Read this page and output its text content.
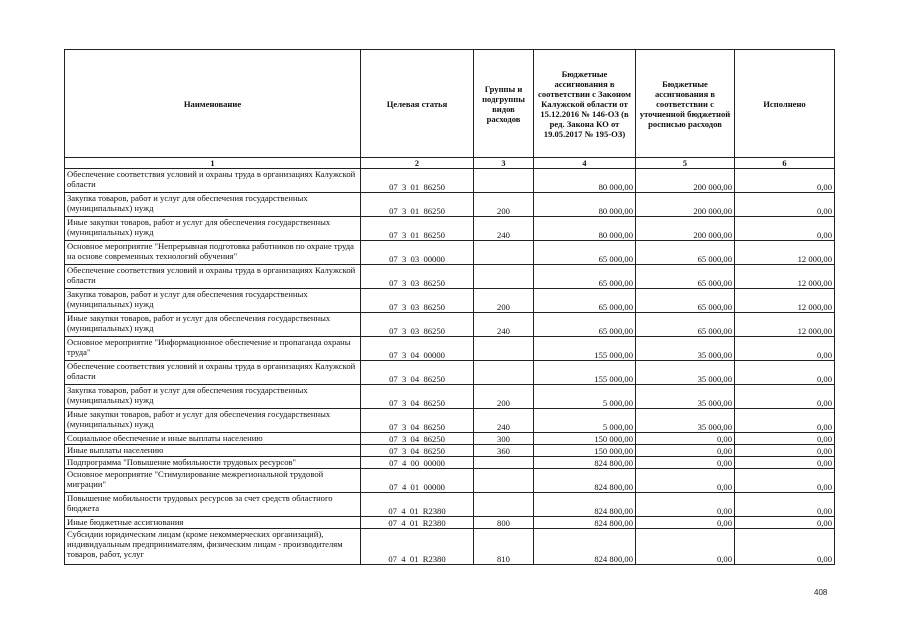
Наименование	Целевая статья	Группы и подгруппы видов расходов	Бюджетные ассигнования в соответствии с Законом Калужской области от 15.12.2016 № 146-ОЗ (в ред. Закона КО от 19.05.2017 № 195-ОЗ)	Бюджетные ассигнования в соответствии с уточненной бюджетной росписью расходов	Исполнено
1	2	3	4	5	6
Обеспечение соответствия условий и охраны труда в организациях Калужской области	07  3  01  86250		80 000,00	200 000,00	0,00
Закупка товаров, работ и услуг для обеспечения государственных (муниципальных) нужд	07  3  01  86250	200	80 000,00	200 000,00	0,00
Иные закупки товаров, работ и услуг для обеспечения государственных (муниципальных) нужд	07  3  01  86250	240	80 000,00	200 000,00	0,00
Основное мероприятие "Непрерывная подготовка работников по охране труда на основе современных технологий обучения"	07  3  03  00000		65 000,00	65 000,00	12 000,00
Обеспечение соответствия условий и охраны труда в организациях Калужской области	07  3  03  86250		65 000,00	65 000,00	12 000,00
Закупка товаров, работ и услуг для обеспечения государственных (муниципальных) нужд	07  3  03  86250	200	65 000,00	65 000,00	12 000,00
Иные закупки товаров, работ и услуг для обеспечения государственных (муниципальных) нужд	07  3  03  86250	240	65 000,00	65 000,00	12 000,00
Основное мероприятие "Информационное обеспечение и пропаганда охраны труда"	07  3  04  00000		155 000,00	35 000,00	0,00
Обеспечение соответствия условий и охраны труда в организациях Калужской области	07  3  04  86250		155 000,00	35 000,00	0,00
Закупка товаров, работ и услуг для обеспечения государственных (муниципальных) нужд	07  3  04  86250	200	5 000,00	35 000,00	0,00
Иные закупки товаров, работ и услуг для обеспечения государственных (муниципальных) нужд	07  3  04  86250	240	5 000,00	35 000,00	0,00
Социальное обеспечение и иные выплаты населению	07  3  04  86250	300	150 000,00	0,00	0,00
Иные выплаты населению	07  3  04  86250	360	150 000,00	0,00	0,00
Подпрограмма "Повышение мобильности трудовых ресурсов"	07  4  00  00000		824 800,00	0,00	0,00
Основное мероприятие "Стимулирование межрегиональной трудовой миграции"	07  4  01  00000		824 800,00	0,00	0,00
Повышение мобильности трудовых ресурсов за счет средств областного бюджета	07  4  01  R2380		824 800,00	0,00	0,00
Иные бюджетные ассигнования	07  4  01  R2380	800	824 800,00	0,00	0,00
Субсидии юридическим лицам (кроме некоммерческих организаций), индивидуальным предпринимателям, физическим лицам - производителям товаров, работ, услуг	07  4  01  R2380	810	824 800,00	0,00	0,00
408
